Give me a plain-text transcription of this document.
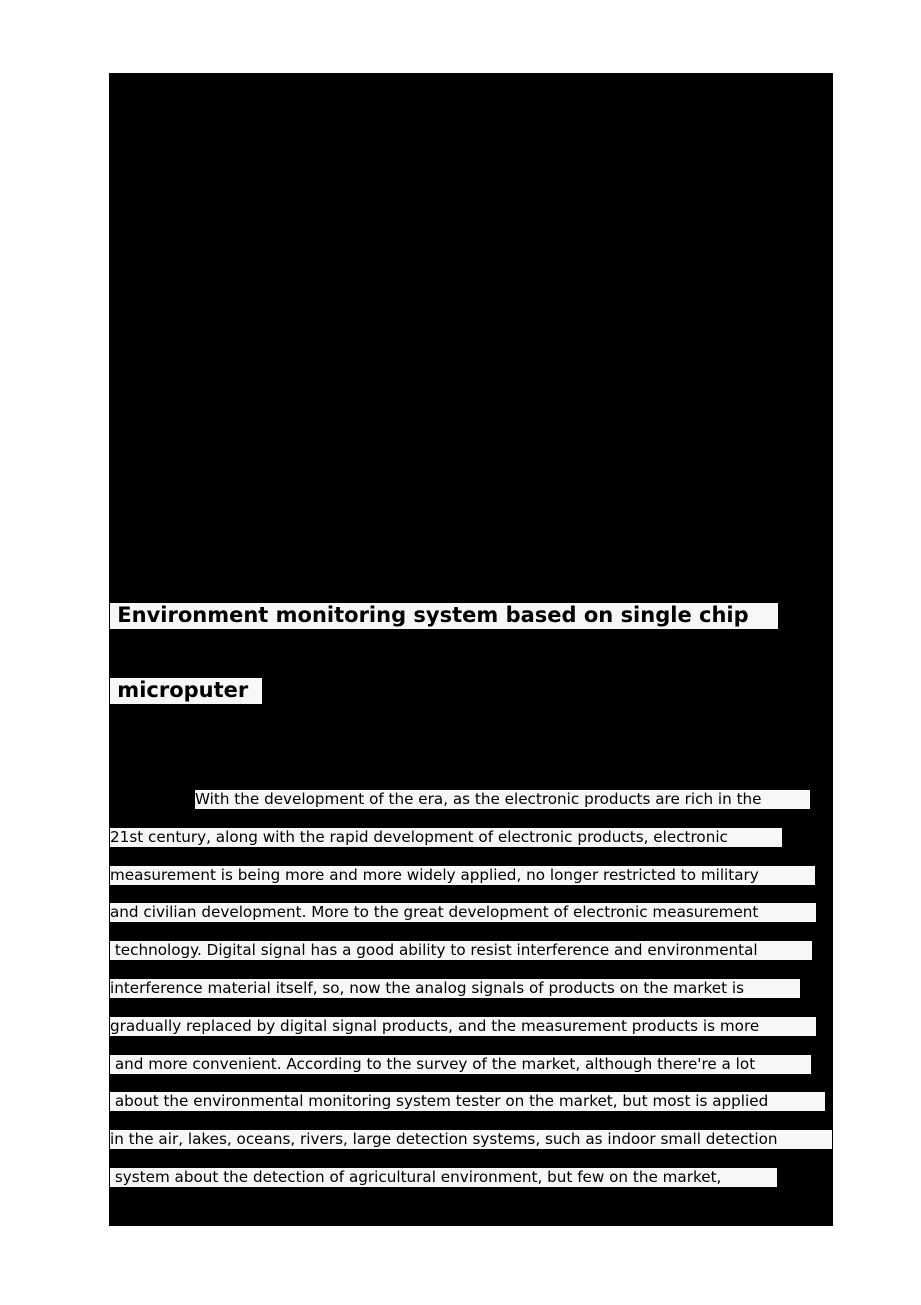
Environment monitoring system based on single chip
microputer
With the development of the era, as the electronic products are rich in the
21st century, along with the rapid development of electronic products, electronic
measurement is being more and more widely applied, no longer restricted to military
and civilian development. More to the great development of electronic measurement
technology. Digital signal has a good ability to resist interference and environmental
interference material itself, so, now the analog signals of products on the market is
gradually replaced by digital signal products, and the measurement products is more
and more convenient. According to the survey of the market, although there're a lot
about the environmental monitoring system tester on the market, but most is applied
in the air, lakes, oceans, rivers, large detection systems, such as indoor small detection
system about the detection of agricultural environment, but few on the market,
